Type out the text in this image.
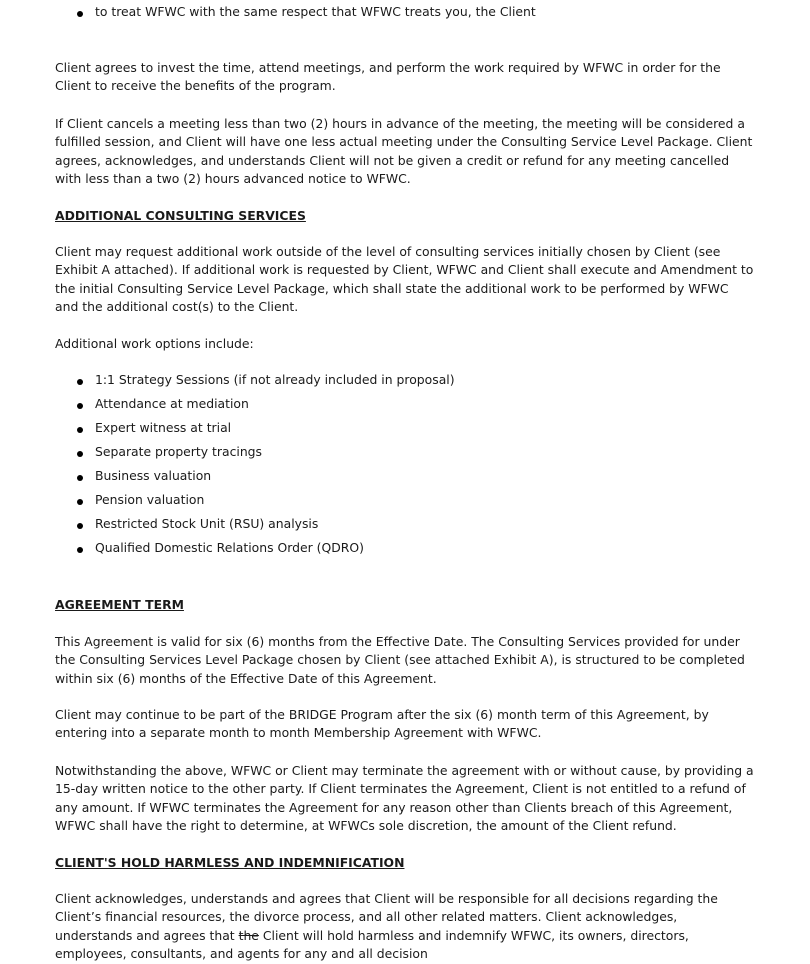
to treat WFWC with the same respect that WFWC treats you, the Client

Client agrees to invest the time, attend meetings, and perform the work required by WFWC in order for the Client to receive the benefits of the program.

If Client cancels a meeting less than two (2) hours in advance of the meeting, the meeting will be considered a fulfilled session, and Client will have one less actual meeting under the Consulting Service Level Package. Client agrees, acknowledges, and understands Client will not be given a credit or refund for any meeting cancelled with less than a two (2) hours advanced notice to WFWC.

ADDITIONAL CONSULTING SERVICES

Client may request additional work outside of the level of consulting services initially chosen by Client (see Exhibit A attached). If additional work is requested by Client, WFWC and Client shall execute and Amendment to the initial Consulting Service Level Package, which shall state the additional work to be performed by WFWC and the additional cost(s) to the Client.

Additional work options include:

1:1 Strategy Sessions (if not already included in proposal)
Attendance at mediation
Expert witness at trial
Separate property tracings
Business valuation
Pension valuation
Restricted Stock Unit (RSU) analysis
Qualified Domestic Relations Order (QDRO)

AGREEMENT TERM

This Agreement is valid for six (6) months from the Effective Date. The Consulting Services provided for under the Consulting Services Level Package chosen by Client (see attached Exhibit A), is structured to be completed within six (6) months of the Effective Date of this Agreement.

Client may continue to be part of the BRIDGE Program after the six (6) month term of this Agreement, by entering into a separate month to month Membership Agreement with WFWC.

Notwithstanding the above, WFWC or Client may terminate the agreement with or without cause, by providing a 15-day written notice to the other party. If Client terminates the Agreement, Client is not entitled to a refund of any amount. If WFWC terminates the Agreement for any reason other than Clients breach of this Agreement, WFWC shall have the right to determine, at WFWCs sole discretion, the amount of the Client refund.

CLIENT'S HOLD HARMLESS AND INDEMNIFICATION

Client acknowledges, understands and agrees that Client will be responsible for all decisions regarding the Client’s financial resources, the divorce process, and all other related matters. Client acknowledges, understands and agrees that the Client will hold harmless and indemnify WFWC, its owners, directors, employees, consultants, and agents for any and all decision
